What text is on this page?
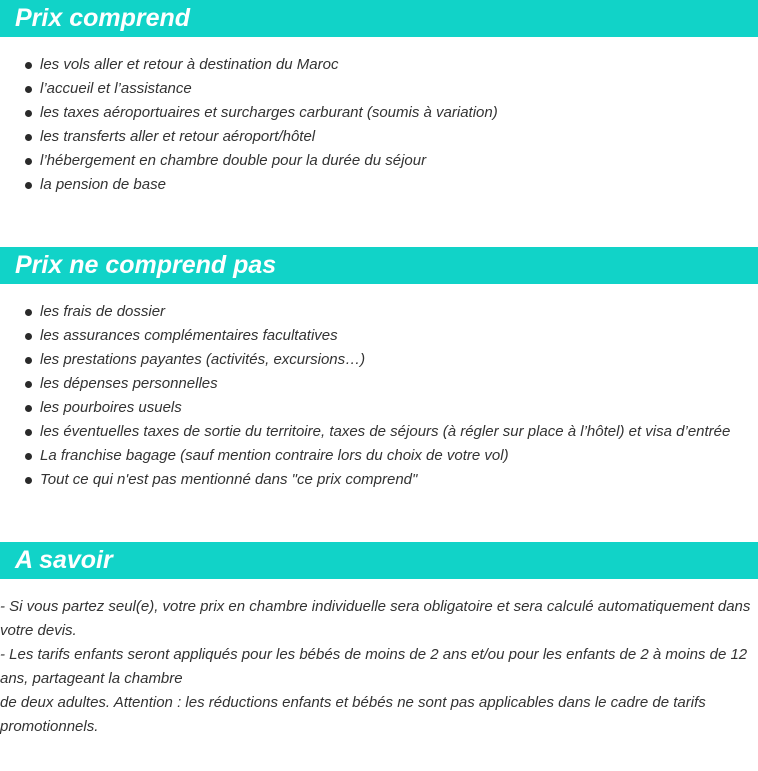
Prix comprend
les vols aller et retour à destination du Maroc
l’accueil et l’assistance
les taxes aéroportuaires et surcharges carburant (soumis à variation)
les transferts aller et retour aéroport/hôtel
l’hébergement en chambre double pour la durée du séjour
la pension de base
Prix ne comprend pas
les frais de dossier
les assurances complémentaires facultatives
les prestations payantes (activités, excursions…)
les dépenses personnelles
les pourboires usuels
les éventuelles taxes de sortie du territoire, taxes de séjours (à régler sur place à l’hôtel) et visa d’entrée
La franchise bagage (sauf mention contraire lors du choix de votre vol)
Tout ce qui n'est pas mentionné dans "ce prix comprend"
A savoir

- Si vous partez seul(e), votre prix en chambre individuelle sera obligatoire et sera calculé automatiquement dans votre devis.

- Les tarifs enfants seront appliqués pour les bébés de moins de 2 ans et/ou pour les enfants de 2 à moins de 12 ans, partageant la chambre

de deux adultes. Attention : les réductions enfants et bébés ne sont pas applicables dans le cadre de tarifs promotionnels.
